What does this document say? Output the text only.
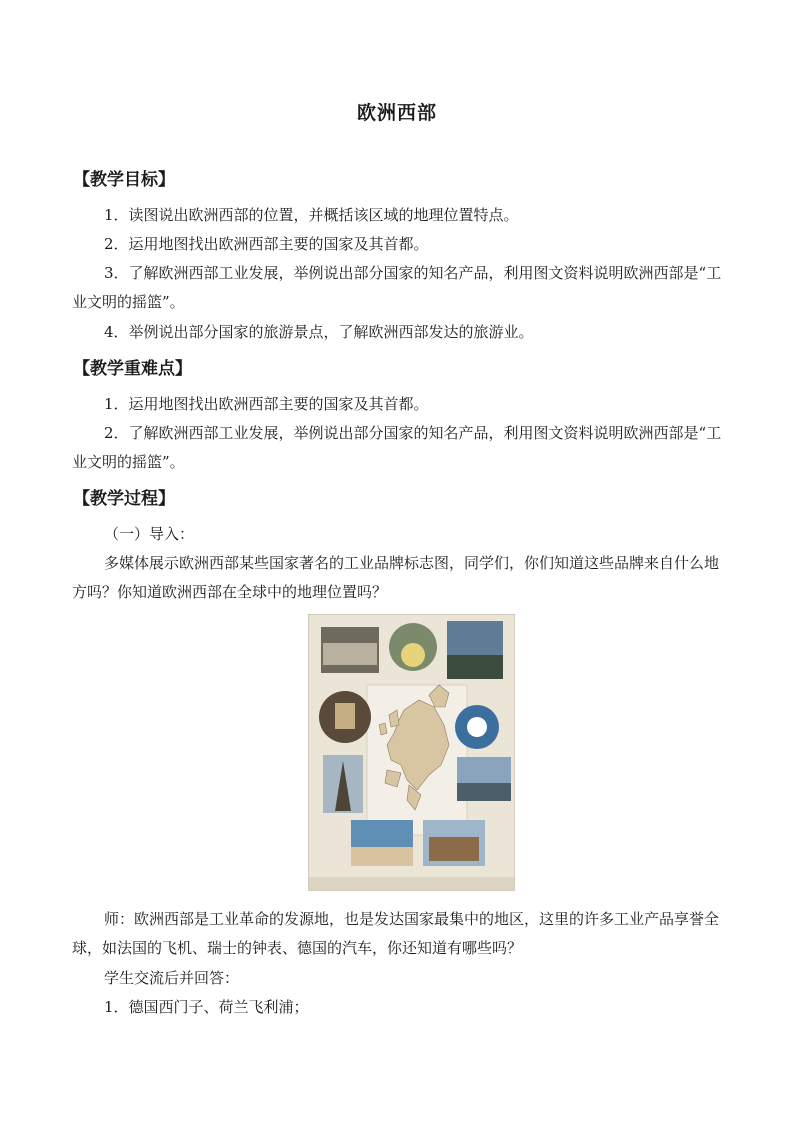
欧洲西部
【教学目标】
1．读图说出欧洲西部的位置，并概括该区域的地理位置特点。
2．运用地图找出欧洲西部主要的国家及其首都。
3．了解欧洲西部工业发展，举例说出部分国家的知名产品，利用图文资料说明欧洲西部是“工业文明的摇篮”。
4．举例说出部分国家的旅游景点，了解欧洲西部发达的旅游业。
【教学重难点】
1．运用地图找出欧洲西部主要的国家及其首都。
2．了解欧洲西部工业发展，举例说出部分国家的知名产品，利用图文资料说明欧洲西部是“工业文明的摇篮”。
【教学过程】
（一）导入：
多媒体展示欧洲西部某些国家著名的工业品牌标志图，同学们，你们知道这些品牌来自什么地方吗？你知道欧洲西部在全球中的地理位置吗？
师：欧洲西部是工业革命的发源地，也是发达国家最集中的地区，这里的许多工业产品享誉全球，如法国的飞机、瑞士的钟表、德国的汽车，你还知道有哪些吗？
学生交流后并回答：
1．德国西门子、荷兰飞利浦；
